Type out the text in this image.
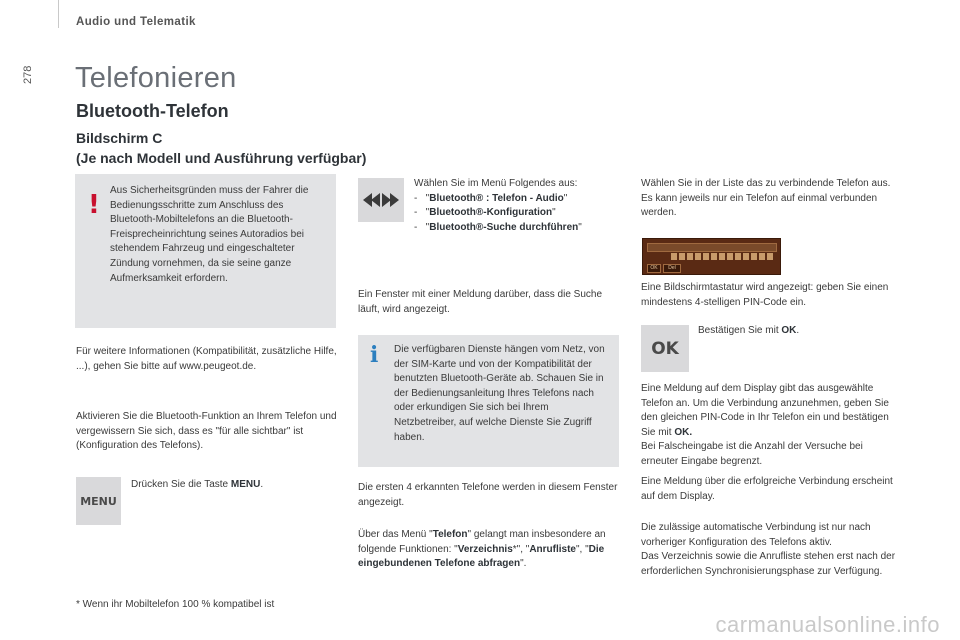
Audio und Telematik
278 Telefonieren
Bluetooth-Telefon
Bildschirm C
(Je nach Modell und Ausführung verfügbar)
! Aus Sicherheitsgründen muss der Fahrer die Bedienungsschritte zum Anschluss des Bluetooth-Mobiltelefons an die Bluetooth-Freisprecheinrichtung seines Autoradios bei stehendem Fahrzeug und eingeschalteter Zündung vornehmen, da sie seine ganze Aufmerksamkeit erfordern.
Für weitere Informationen (Kompatibilität, zusätzliche Hilfe, ...), gehen Sie bitte auf www.peugeot.de.
Aktivieren Sie die Bluetooth-Funktion an Ihrem Telefon und vergewissern Sie sich, dass es "für alle sichtbar" ist (Konfiguration des Telefons).
MENU
Drücken Sie die Taste MENU.
* Wenn ihr Mobiltelefon 100 % kompatibel ist
Wählen Sie im Menü Folgendes aus:
-   "Bluetooth® : Telefon - Audio"
-   "Bluetooth®-Konfiguration"
-   "Bluetooth®-Suche durchführen"
Ein Fenster mit einer Meldung darüber, dass die Suche läuft, wird angezeigt.
i Die verfügbaren Dienste hängen vom Netz, von der SIM-Karte und von der Kompatibilität der benutzten Bluetooth-Geräte ab. Schauen Sie in der Bedienungsanleitung Ihres Telefons nach oder erkundigen Sie sich bei Ihrem Netzbetreiber, auf welche Dienste Sie Zugriff haben.
Die ersten 4 erkannten Telefone werden in diesem Fenster angezeigt.
Über das Menü "Telefon" gelangt man insbesondere an folgende Funktionen: "Verzeichnis*", "Anrufliste", "Die eingebundenen Telefone abfragen".
Wählen Sie in der Liste das zu verbindende Telefon aus. Es kann jeweils nur ein Telefon auf einmal verbunden werden.
OK	Del
Eine Bildschirmtastatur wird angezeigt: geben Sie einen mindestens 4-stelligen PIN-Code ein.
OK
Bestätigen Sie mit OK.
Eine Meldung auf dem Display gibt das ausgewählte Telefon an. Um die Verbindung anzunehmen, geben Sie den gleichen PIN-Code in Ihr Telefon ein und bestätigen Sie mit OK.
Bei Falscheingabe ist die Anzahl der Versuche bei erneuter Eingabe begrenzt.
Eine Meldung über die erfolgreiche Verbindung erscheint auf dem Display.
Die zulässige automatische Verbindung ist nur nach vorheriger Konfiguration des Telefons aktiv.
Das Verzeichnis sowie die Anrufliste stehen erst nach der erforderlichen Synchronisierungsphase zur Verfügung.
carmanualsonline.info
